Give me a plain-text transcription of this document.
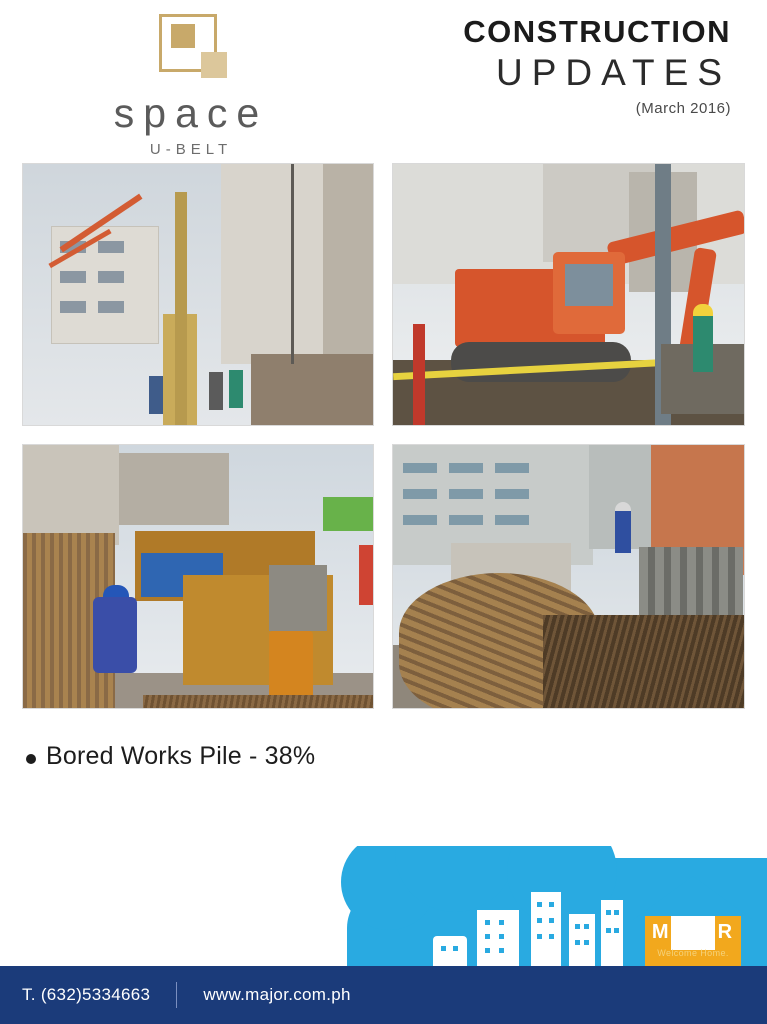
space
U-BELT
CONSTRUCTION
UPDATES
(March 2016)
Bored Works Pile - 38%
MAJOR
Welcome Home.
T. (632)5334663	www.major.com.ph
